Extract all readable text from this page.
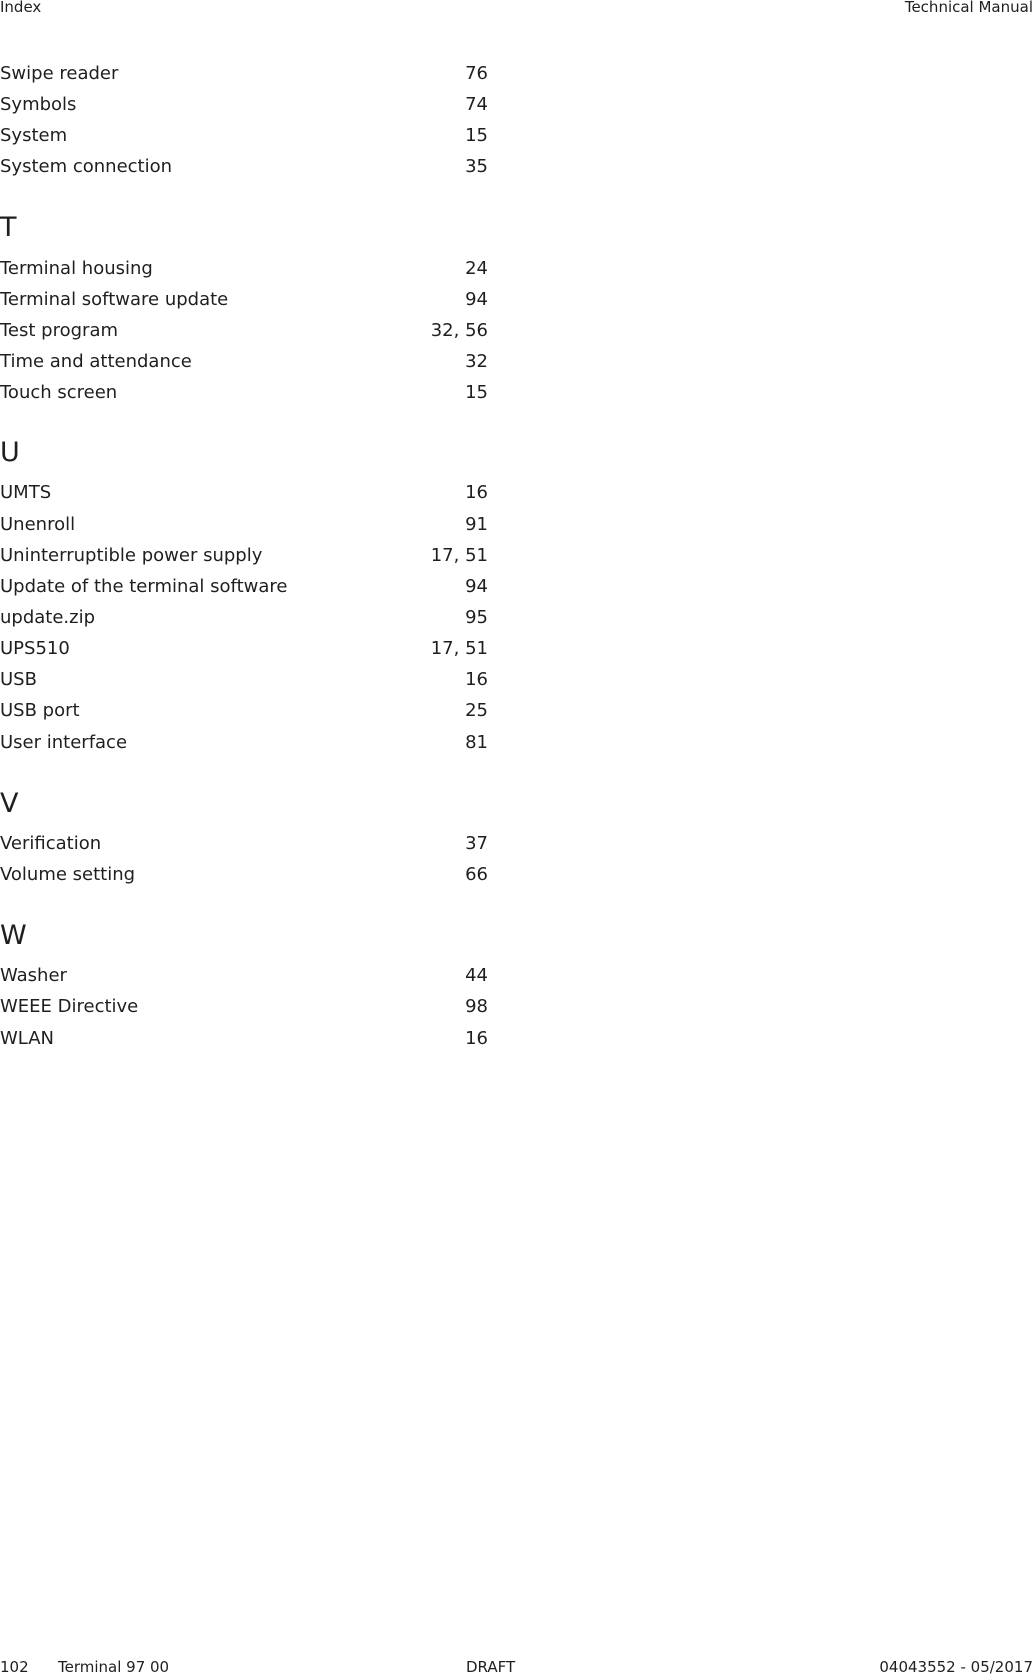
Index	Technical Manual
Swipe reader	76
Symbols	74
System	15
System connection	35
T
Terminal housing	24
Terminal software update	94
Test program	32, 56
Time and attendance	32
Touch screen	15
U
UMTS	16
Unenroll	91
Uninterruptible power supply	17, 51
Update of the terminal software	94
update.zip	95
UPS510	17, 51
USB	16
USB port	25
User interface	81
V
Verification	37
Volume setting	66
W
Washer	44
WEEE Directive	98
WLAN	16
102 Terminal 97 00	DRAFT	04043552 - 05/2017
